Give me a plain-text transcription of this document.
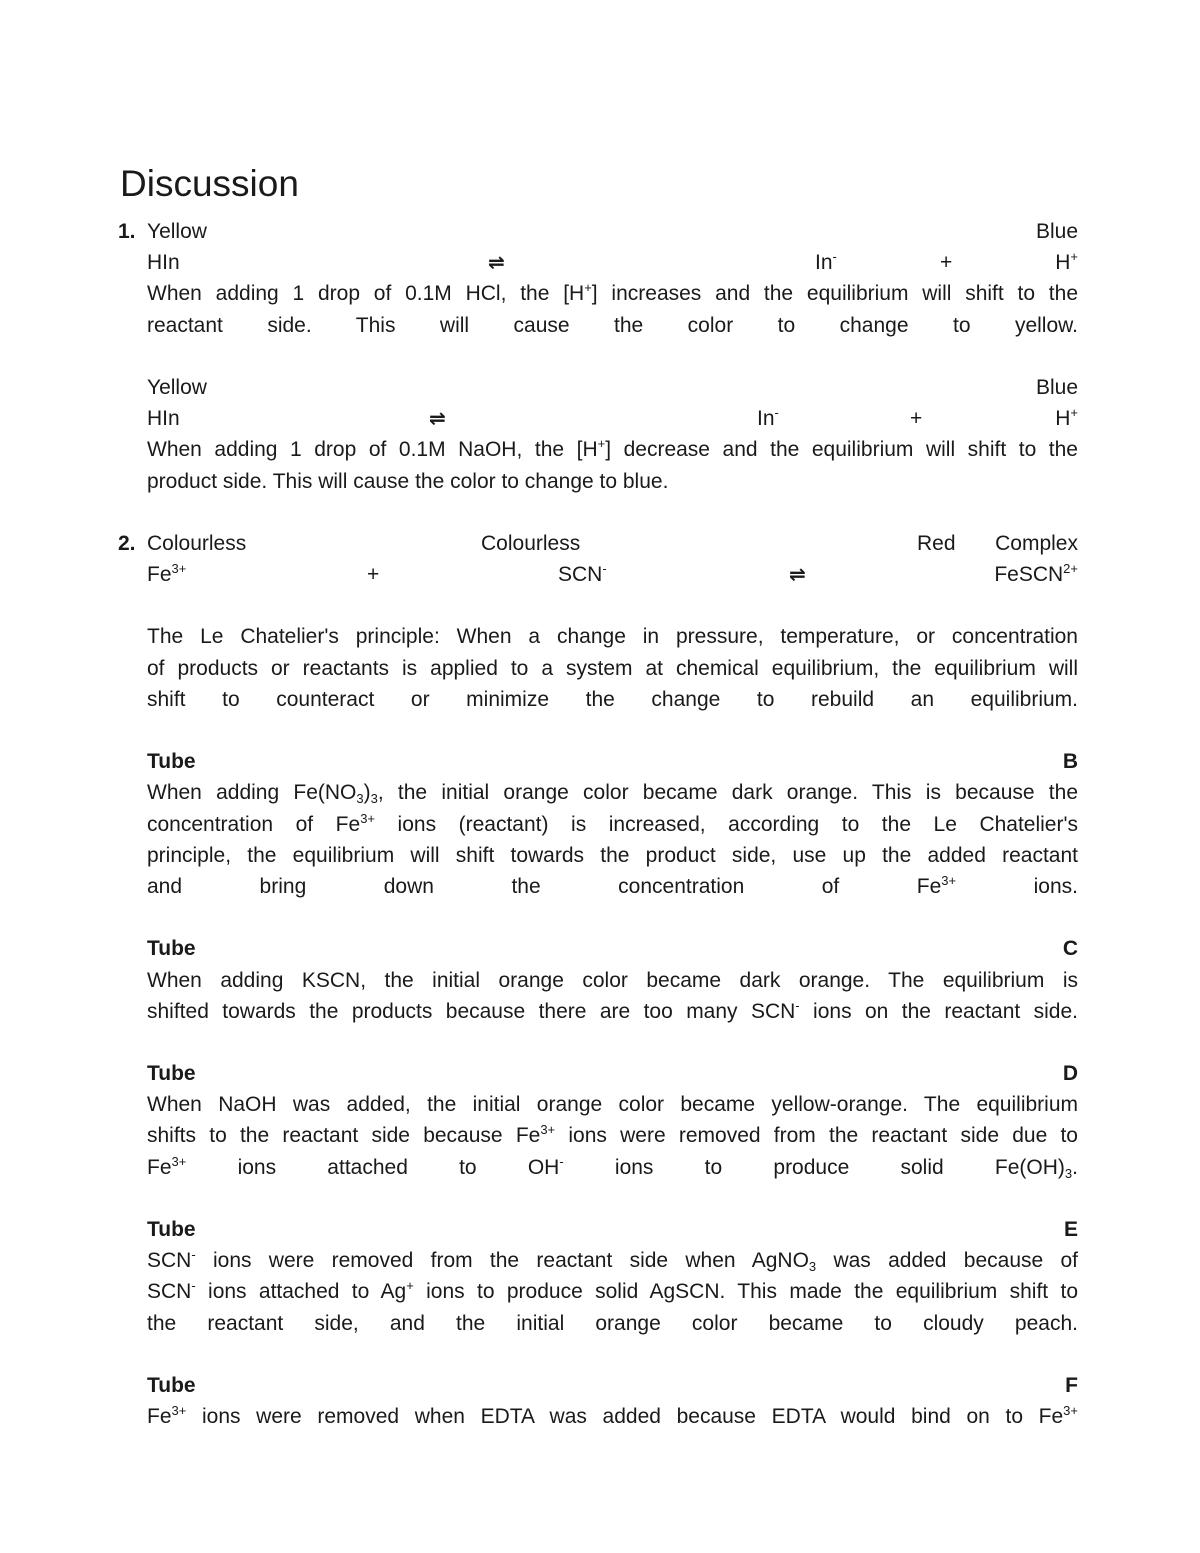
Discussion
1. Yellow	Blue
HIn	⇌	In-	+	H+
When adding 1 drop of 0.1M HCl, the [H+] increases and the equilibrium will shift to the
reactant side. This will cause the color to change to yellow.
Yellow	Blue
HIn	⇌	In-	+	H+
When adding 1 drop of 0.1M NaOH, the [H+] decrease and the equilibrium will shift to the
product side. This will cause the color to change to blue.
2. Colourless	Colourless	Red Complex
$Fe^{3+}$	+	SCN-	⇌	FeSCN$^{2+}$
The Le Chatelier's principle: When a change in pressure, temperature, or concentration
of products or reactants is applied to a system at chemical equilibrium, the equilibrium will
shift to counteract or minimize the change to rebuild an equilibrium.
Tube	B
When adding $Fe(NO_3)_3$, the initial orange color became dark orange. This is because the
concentration of $Fe^{3+}$ ions (reactant) is increased, according to the Le Chatelier's
principle, the equilibrium will shift towards the product side, use up the added reactant
and bring down the concentration of $Fe^{3+}$ ions.
Tube	C
When adding KSCN, the initial orange color became dark orange. The equilibrium is
shifted towards the products because there are too many SCN- ions on the reactant side.
Tube	D
When NaOH was added, the initial orange color became yellow-orange. The equilibrium
shifts to the reactant side because $Fe^{3+}$ ions were removed from the reactant side due to
$Fe^{3+}$ ions attached to OH- ions to produce solid $Fe(OH)_3$.
Tube	E
SCN- ions were removed from the reactant side when AgNO$_3$ was added because of
SCN- ions attached to Ag+ ions to produce solid AgSCN. This made the equilibrium shift to
the reactant side, and the initial orange color became to cloudy peach.
Tube	F
$Fe^{3+}$ ions were removed when EDTA was added because EDTA would bind on to $Fe^{3+}$
